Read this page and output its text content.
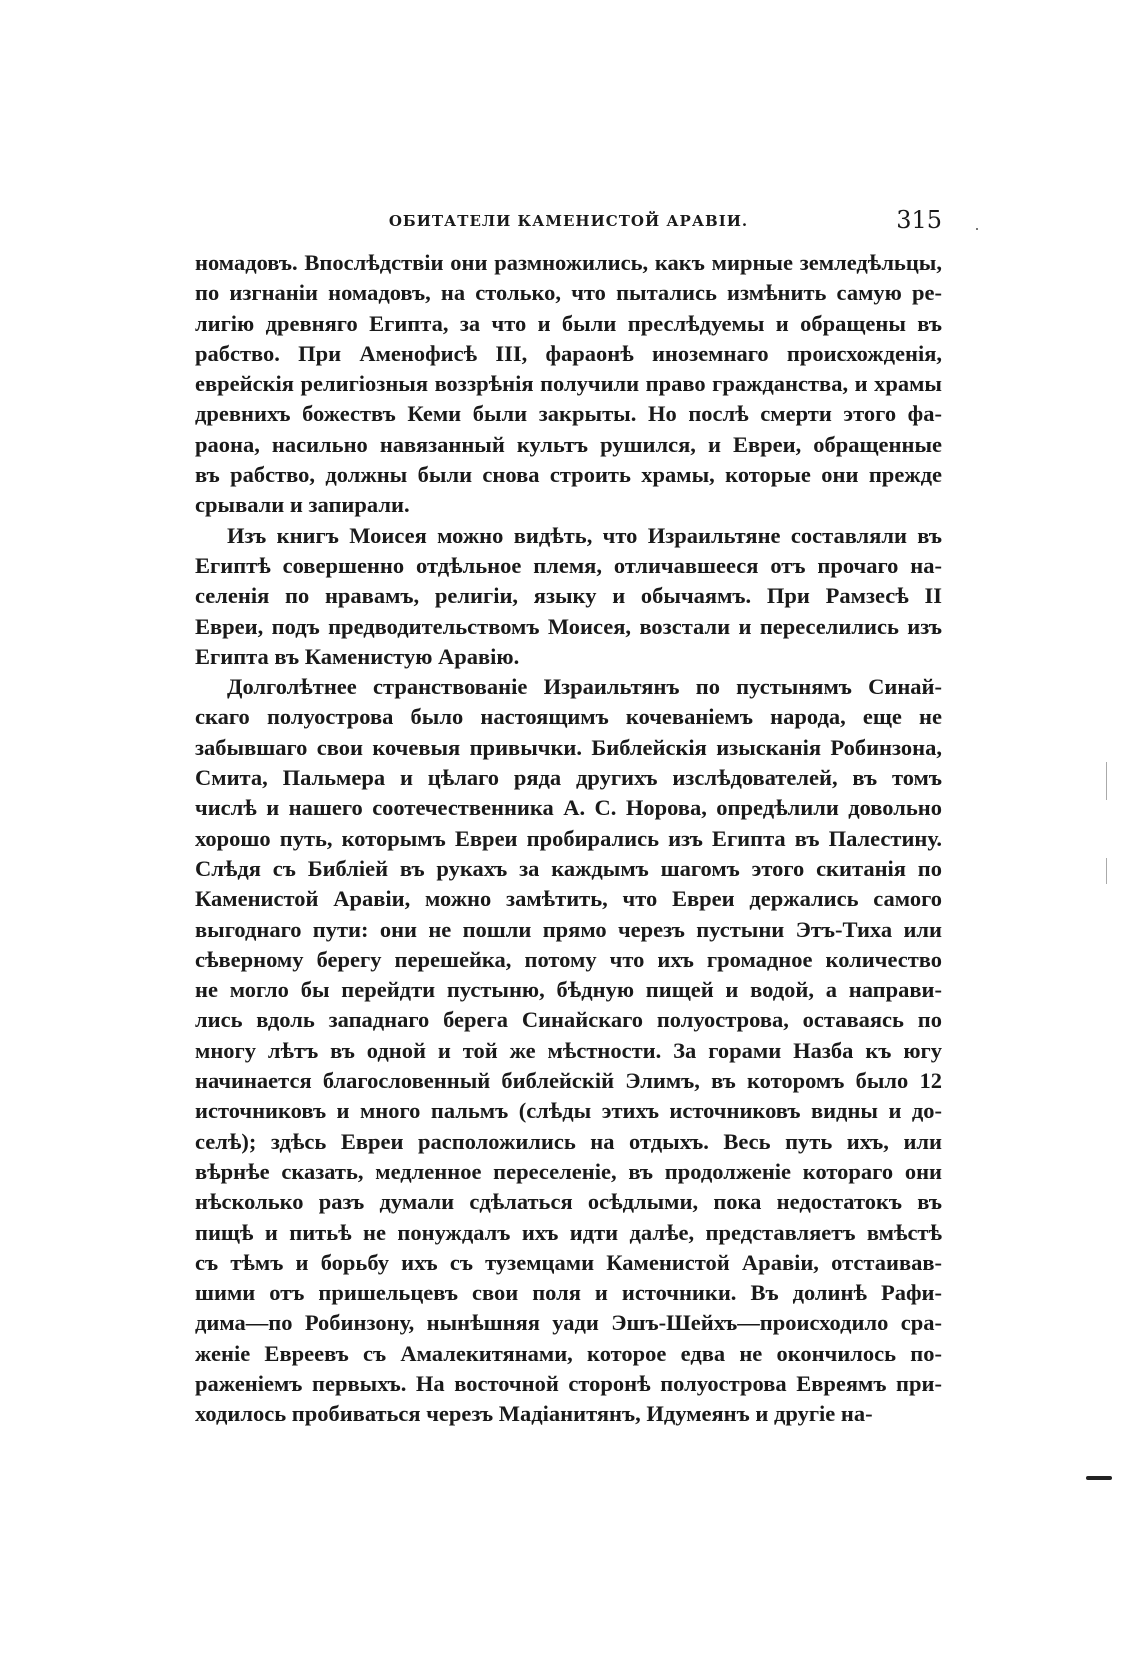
ОБИТАТЕЛИ КАМЕНИСТОЙ АРАВІИ.	315

номадовъ. Впослѣдствіи они размножились, какъ мирные земледѣльцы,

по изгнаніи номадовъ, на столько, что пытались измѣнить самую ре-

лигію древняго Египта, за что и были преслѣдуемы и обращены въ

рабство. При Аменофисѣ III, фараонѣ иноземнаго происхожденія,

еврейскія религіозныя воззрѣнія получили право гражданства, и храмы

древнихъ божествъ Кеми были закрыты. Но послѣ смерти этого фа-

раона, насильно навязанный культъ рушился, и Евреи, обращенные

въ рабство, должны были снова строить храмы, которые они прежде

срывали и запирали.

Изъ книгъ Моисея можно видѣть, что Израильтяне составляли въ

Египтѣ совершенно отдѣльное племя, отличавшееся отъ прочаго на-

селенія по нравамъ, религіи, языку и обычаямъ. При Рамзесѣ II

Евреи, подъ предводительствомъ Моисея, возстали и переселились изъ

Египта въ Каменистую Аравію.

Долголѣтнее странствованіе Израильтянъ по пустынямъ Синай-

скаго полуострова было настоящимъ кочеваніемъ народа, еще не

забывшаго свои кочевыя привычки. Библейскія изысканія Робинзона,

Смита, Пальмера и цѣлаго ряда другихъ изслѣдователей, въ томъ

числѣ и нашего соотечественника А. С. Норова, опредѣлили довольно

хорошо путь, которымъ Евреи пробирались изъ Египта въ Палестину.

Слѣдя съ Библіей въ рукахъ за каждымъ шагомъ этого скитанія по

Каменистой Аравіи, можно замѣтить, что Евреи держались самого

выгоднаго пути: они не пошли прямо черезъ пустыни Этъ-Тиха или

сѣверному берегу перешейка, потому что ихъ громадное количество

не могло бы перейдти пустыню, бѣдную пищей и водой, а направи-

лись вдоль западнаго берега Синайскаго полуострова, оставаясь по

многу лѣтъ въ одной и той же мѣстности. За горами Назба къ югу

начинается благословенный библейскій Элимъ, въ которомъ было 12

источниковъ и много пальмъ (слѣды этихъ источниковъ видны и до-

селѣ); здѣсь Евреи расположились на отдыхъ. Весь путь ихъ, или

вѣрнѣе сказать, медленное переселеніе, въ продолженіе котораго они

нѣсколько разъ думали сдѣлаться осѣдлыми, пока недостатокъ въ

пищѣ и питьѣ не понуждалъ ихъ идти далѣе, представляетъ вмѣстѣ

съ тѣмъ и борьбу ихъ съ туземцами Каменистой Аравіи, отстаивав-

шими отъ пришельцевъ свои поля и источники. Въ долинѣ Рафи-

дима—по Робинзону, нынѣшняя уади Эшъ-Шейхъ—происходило сра-

женіе Евреевъ съ Амалекитянами, которое едва не окончилось по-

раженіемъ первыхъ. На восточной сторонѣ полуострова Евреямъ при-

ходилось пробиваться черезъ Мадіанитянъ, Идумеянъ и другіе на-
